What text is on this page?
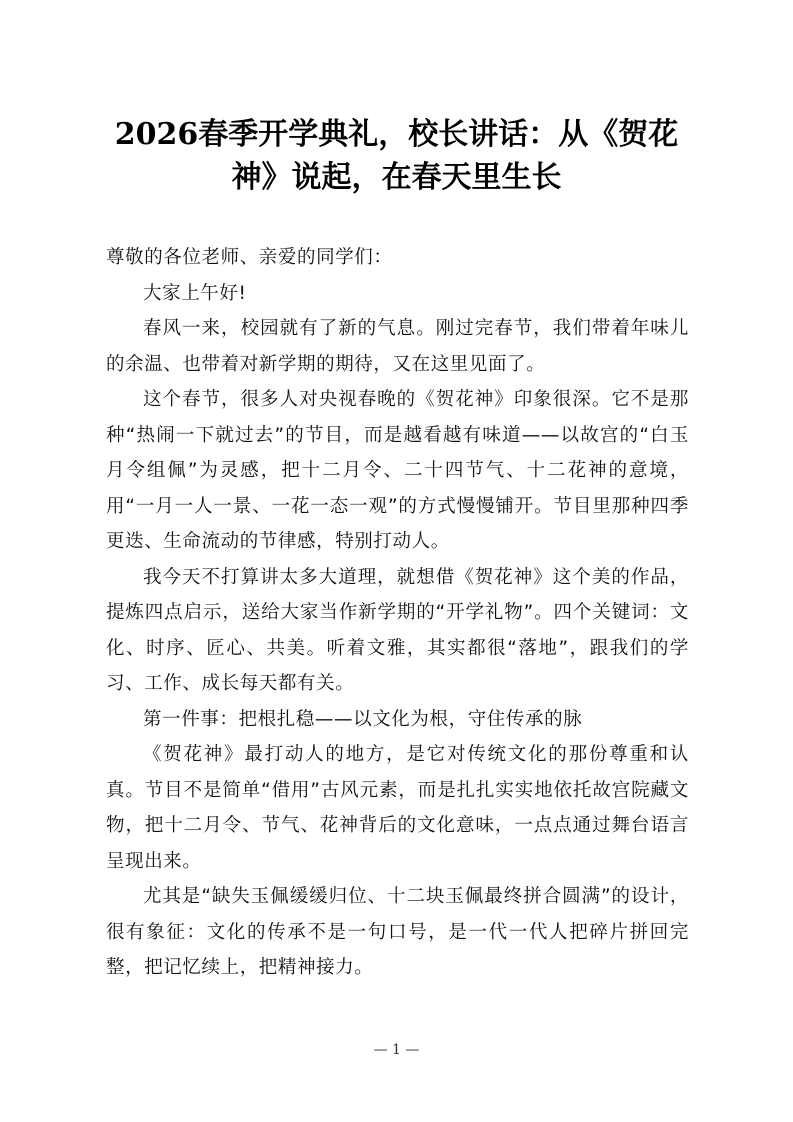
2026春季开学典礼，校长讲话：从《贺花神》说起，在春天里生长

尊敬的各位老师、亲爱的同学们：

大家上午好!

春风一来，校园就有了新的气息。刚过完春节，我们带着年味儿的余温、也带着对新学期的期待，又在这里见面了。

这个春节，很多人对央视春晚的《贺花神》印象很深。它不是那种“热闹一下就过去”的节目，而是越看越有味道——以故宫的“白玉月令组佩”为灵感，把十二月令、二十四节气、十二花神的意境，用“一月一人一景、一花一态一观”的方式慢慢铺开。节目里那种四季更迭、生命流动的节律感，特别打动人。

我今天不打算讲太多大道理，就想借《贺花神》这个美的作品，提炼四点启示，送给大家当作新学期的“开学礼物”。四个关键词：文化、时序、匠心、共美。听着文雅，其实都很“落地”，跟我们的学习、工作、成长每天都有关。

第一件事：把根扎稳——以文化为根，守住传承的脉

《贺花神》最打动人的地方，是它对传统文化的那份尊重和认真。节目不是简单“借用”古风元素，而是扎扎实实地依托故宫院藏文物，把十二月令、节气、花神背后的文化意味，一点点通过舞台语言呈现出来。

尤其是“缺失玉佩缓缓归位、十二块玉佩最终拼合圆满”的设计，很有象征：文化的传承不是一句口号，是一代一代人把碎片拼回完整，把记忆续上，把精神接力。

— 1 —
